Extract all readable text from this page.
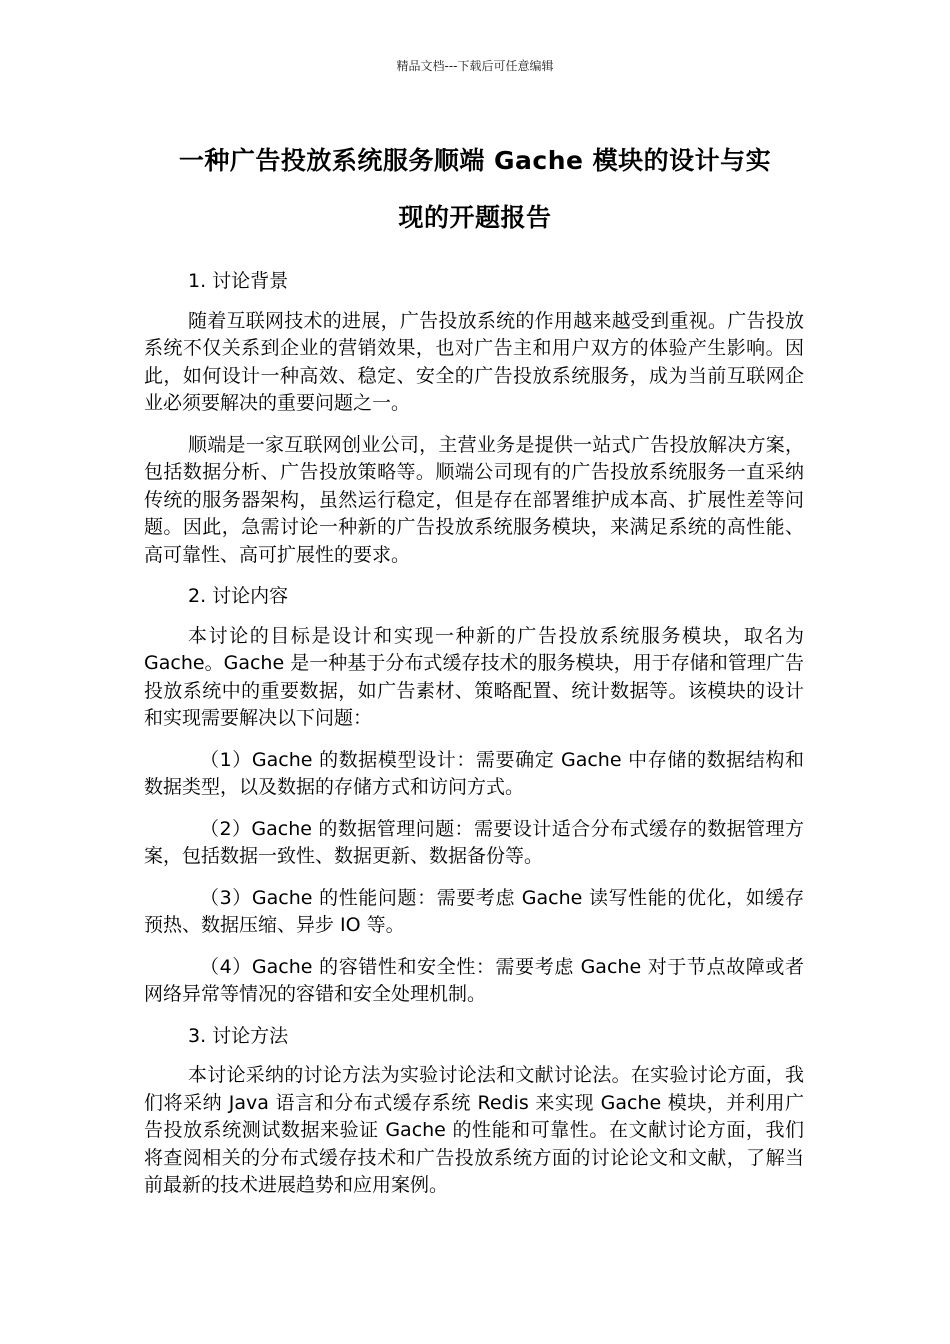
精品文档---下载后可任意编辑
一种广告投放系统服务顺端 Gache 模块的设计与实
现的开题报告

1. 讨论背景

随着互联网技术的进展，广告投放系统的作用越来越受到重视。广告投放系统不仅关系到企业的营销效果，也对广告主和用户双方的体验产生影响。因此，如何设计一种高效、稳定、安全的广告投放系统服务，成为当前互联网企业必须要解决的重要问题之一。

顺端是一家互联网创业公司，主营业务是提供一站式广告投放解决方案，包括数据分析、广告投放策略等。顺端公司现有的广告投放系统服务一直采纳传统的服务器架构，虽然运行稳定，但是存在部署维护成本高、扩展性差等问题。因此，急需讨论一种新的广告投放系统服务模块，来满足系统的高性能、高可靠性、高可扩展性的要求。

2. 讨论内容

本讨论的目标是设计和实现一种新的广告投放系统服务模块，取名为 Gache。Gache 是一种基于分布式缓存技术的服务模块，用于存储和管理广告投放系统中的重要数据，如广告素材、策略配置、统计数据等。该模块的设计和实现需要解决以下问题：

（1）Gache 的数据模型设计：需要确定 Gache 中存储的数据结构和数据类型，以及数据的存储方式和访问方式。

（2）Gache 的数据管理问题：需要设计适合分布式缓存的数据管理方案，包括数据一致性、数据更新、数据备份等。

（3）Gache 的性能问题：需要考虑 Gache 读写性能的优化，如缓存预热、数据压缩、异步 IO 等。

（4）Gache 的容错性和安全性：需要考虑 Gache 对于节点故障或者网络异常等情况的容错和安全处理机制。

3. 讨论方法

本讨论采纳的讨论方法为实验讨论法和文献讨论法。在实验讨论方面，我们将采纳 Java 语言和分布式缓存系统 Redis 来实现 Gache 模块，并利用广告投放系统测试数据来验证 Gache 的性能和可靠性。在文献讨论方面，我们将查阅相关的分布式缓存技术和广告投放系统方面的讨论论文和文献，了解当前最新的技术进展趋势和应用案例。
